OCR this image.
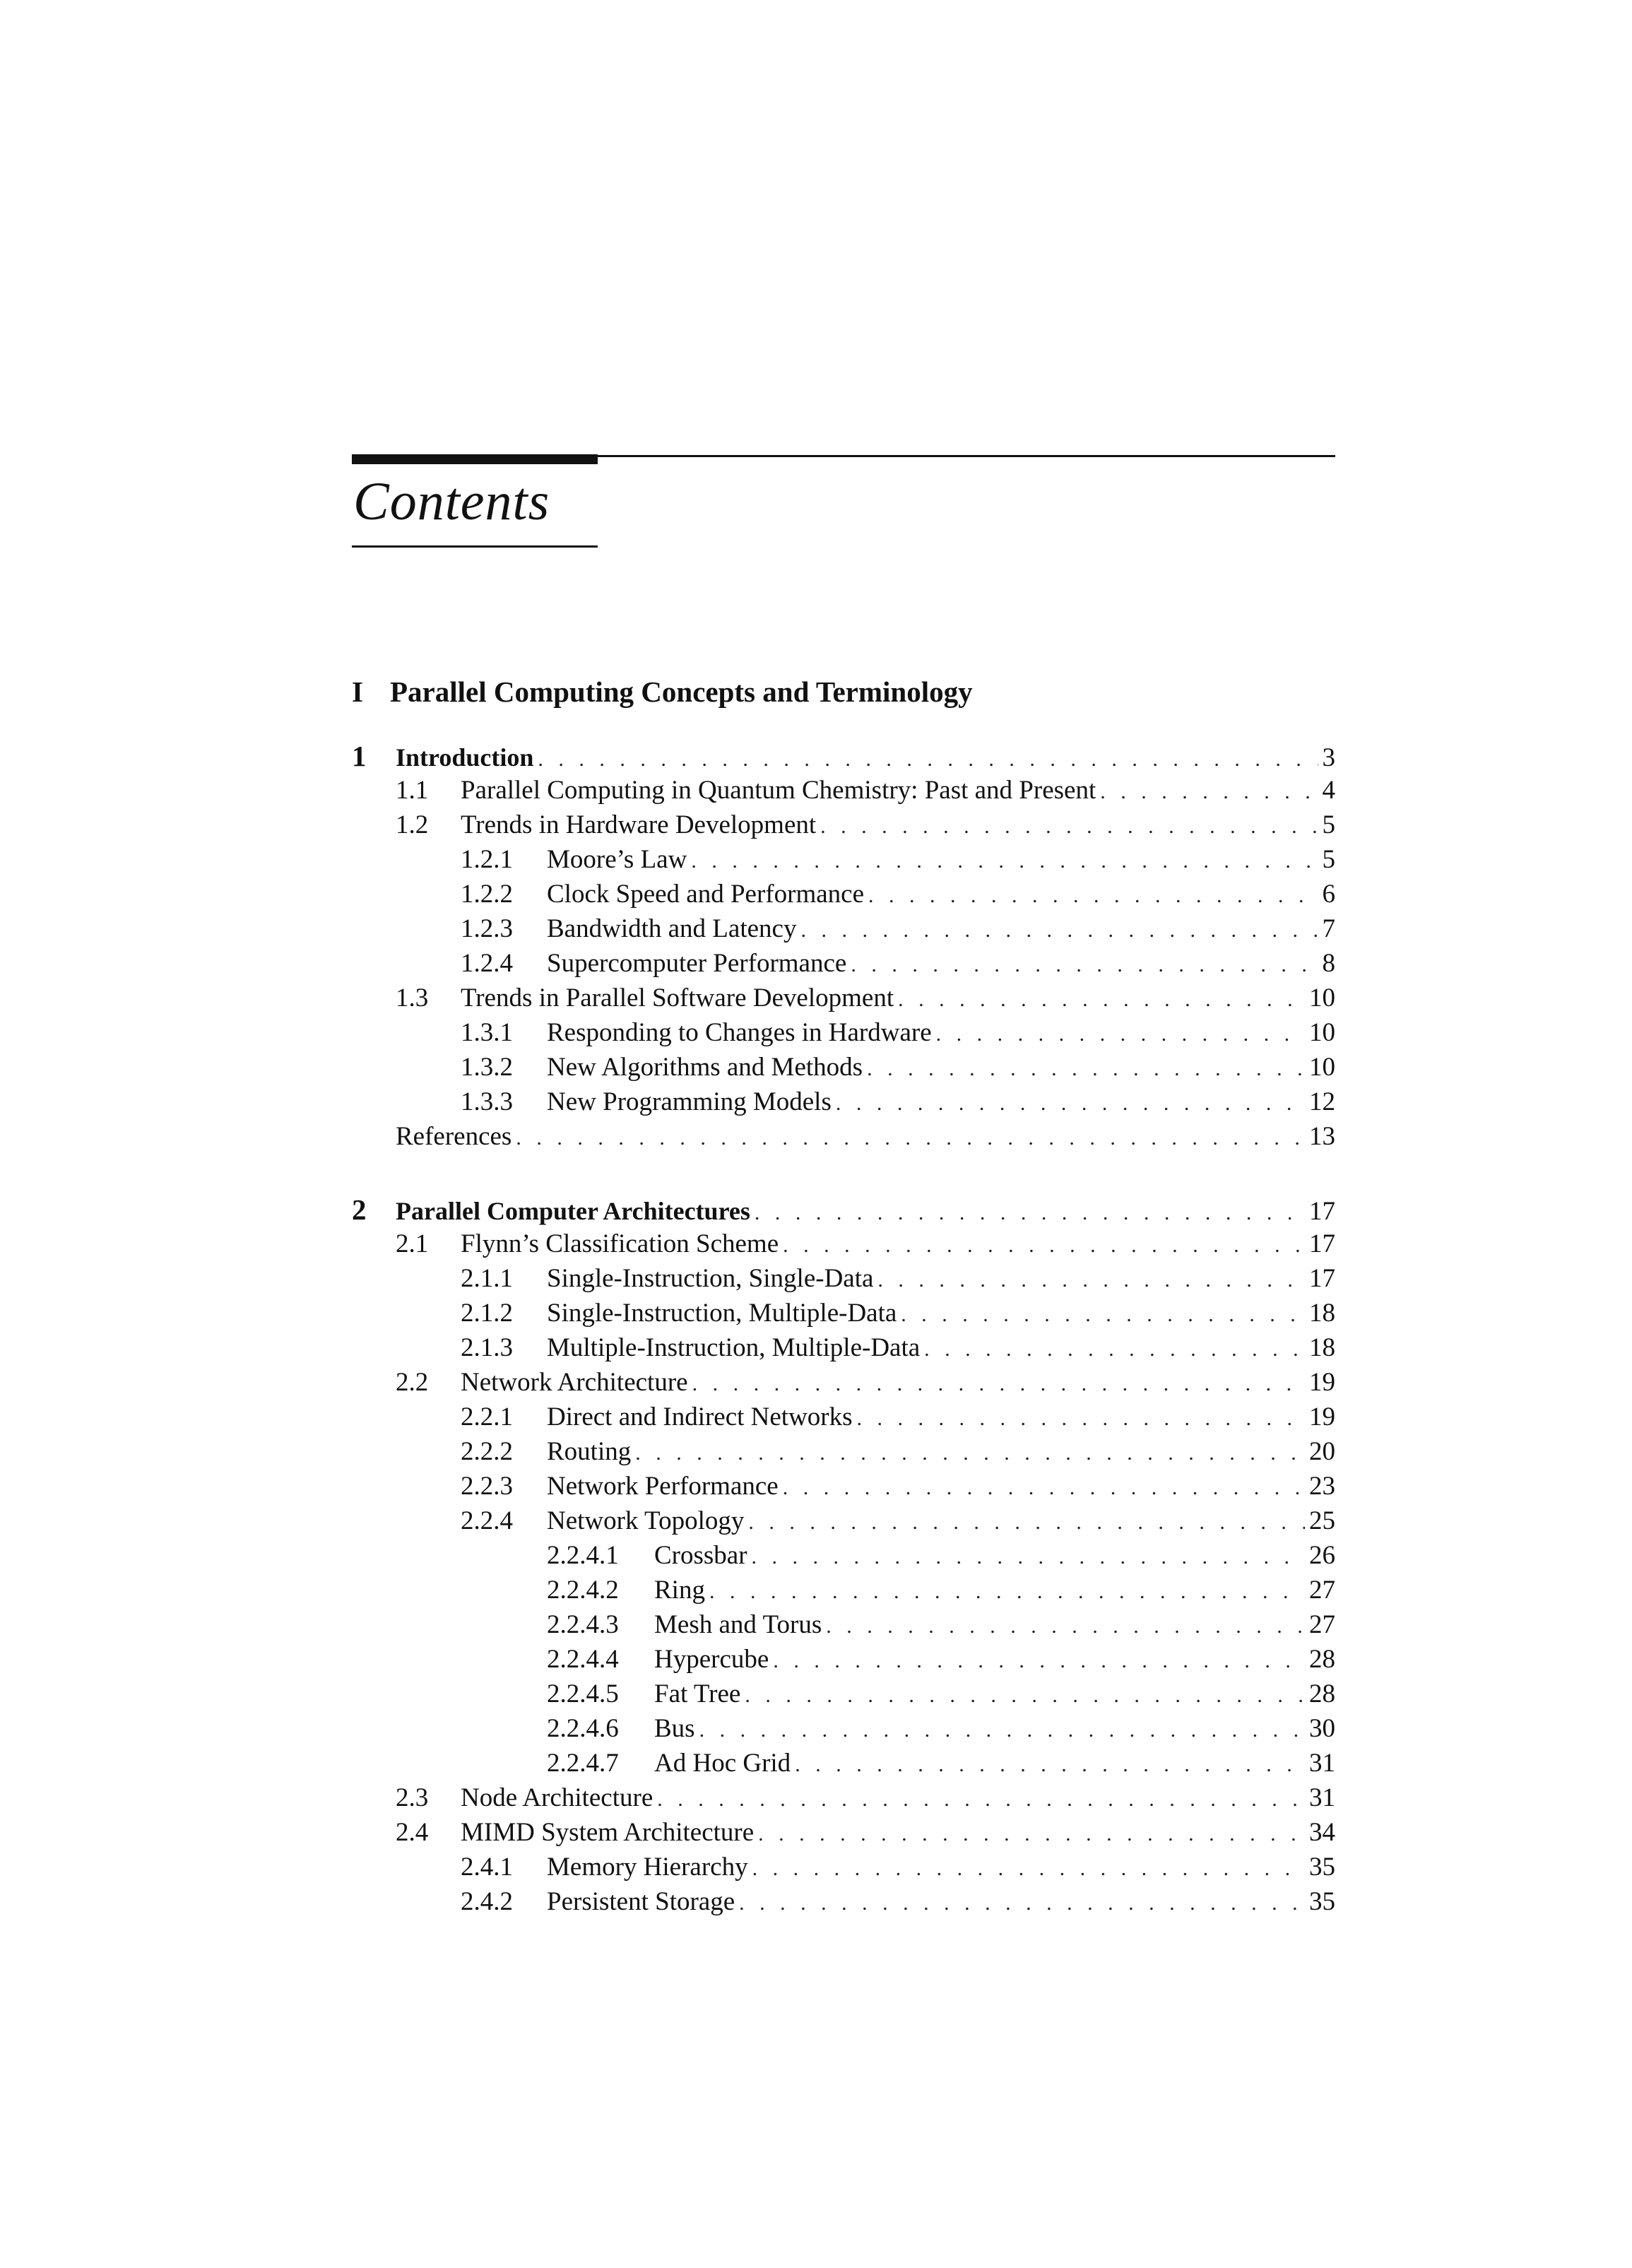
Contents
I Parallel Computing Concepts and Terminology
1	Introduction . . .	3
1.1	Parallel Computing in Quantum Chemistry: Past and Present . . .	4
1.2	Trends in Hardware Development . . .	5
1.2.1	Moore’s Law . . .	5
1.2.2	Clock Speed and Performance . . .	6
1.2.3	Bandwidth and Latency . . .	7
1.2.4	Supercomputer Performance . . .	8
1.3	Trends in Parallel Software Development . . .	10
1.3.1	Responding to Changes in Hardware . . .	10
1.3.2	New Algorithms and Methods . . .	10
1.3.3	New Programming Models . . .	12
References . . .	13
2	Parallel Computer Architectures . . .	17
2.1	Flynn’s Classification Scheme . . .	17
2.1.1	Single-Instruction, Single-Data . . .	17
2.1.2	Single-Instruction, Multiple-Data . . .	18
2.1.3	Multiple-Instruction, Multiple-Data . . .	18
2.2	Network Architecture . . .	19
2.2.1	Direct and Indirect Networks . . .	19
2.2.2	Routing . . .	20
2.2.3	Network Performance . . .	23
2.2.4	Network Topology . . .	25
2.2.4.1	Crossbar . . .	26
2.2.4.2	Ring . . .	27
2.2.4.3	Mesh and Torus . . .	27
2.2.4.4	Hypercube . . .	28
2.2.4.5	Fat Tree . . .	28
2.2.4.6	Bus . . .	30
2.2.4.7	Ad Hoc Grid . . .	31
2.3	Node Architecture . . .	31
2.4	MIMD System Architecture . . .	34
2.4.1	Memory Hierarchy . . .	35
2.4.2	Persistent Storage . . .	35
